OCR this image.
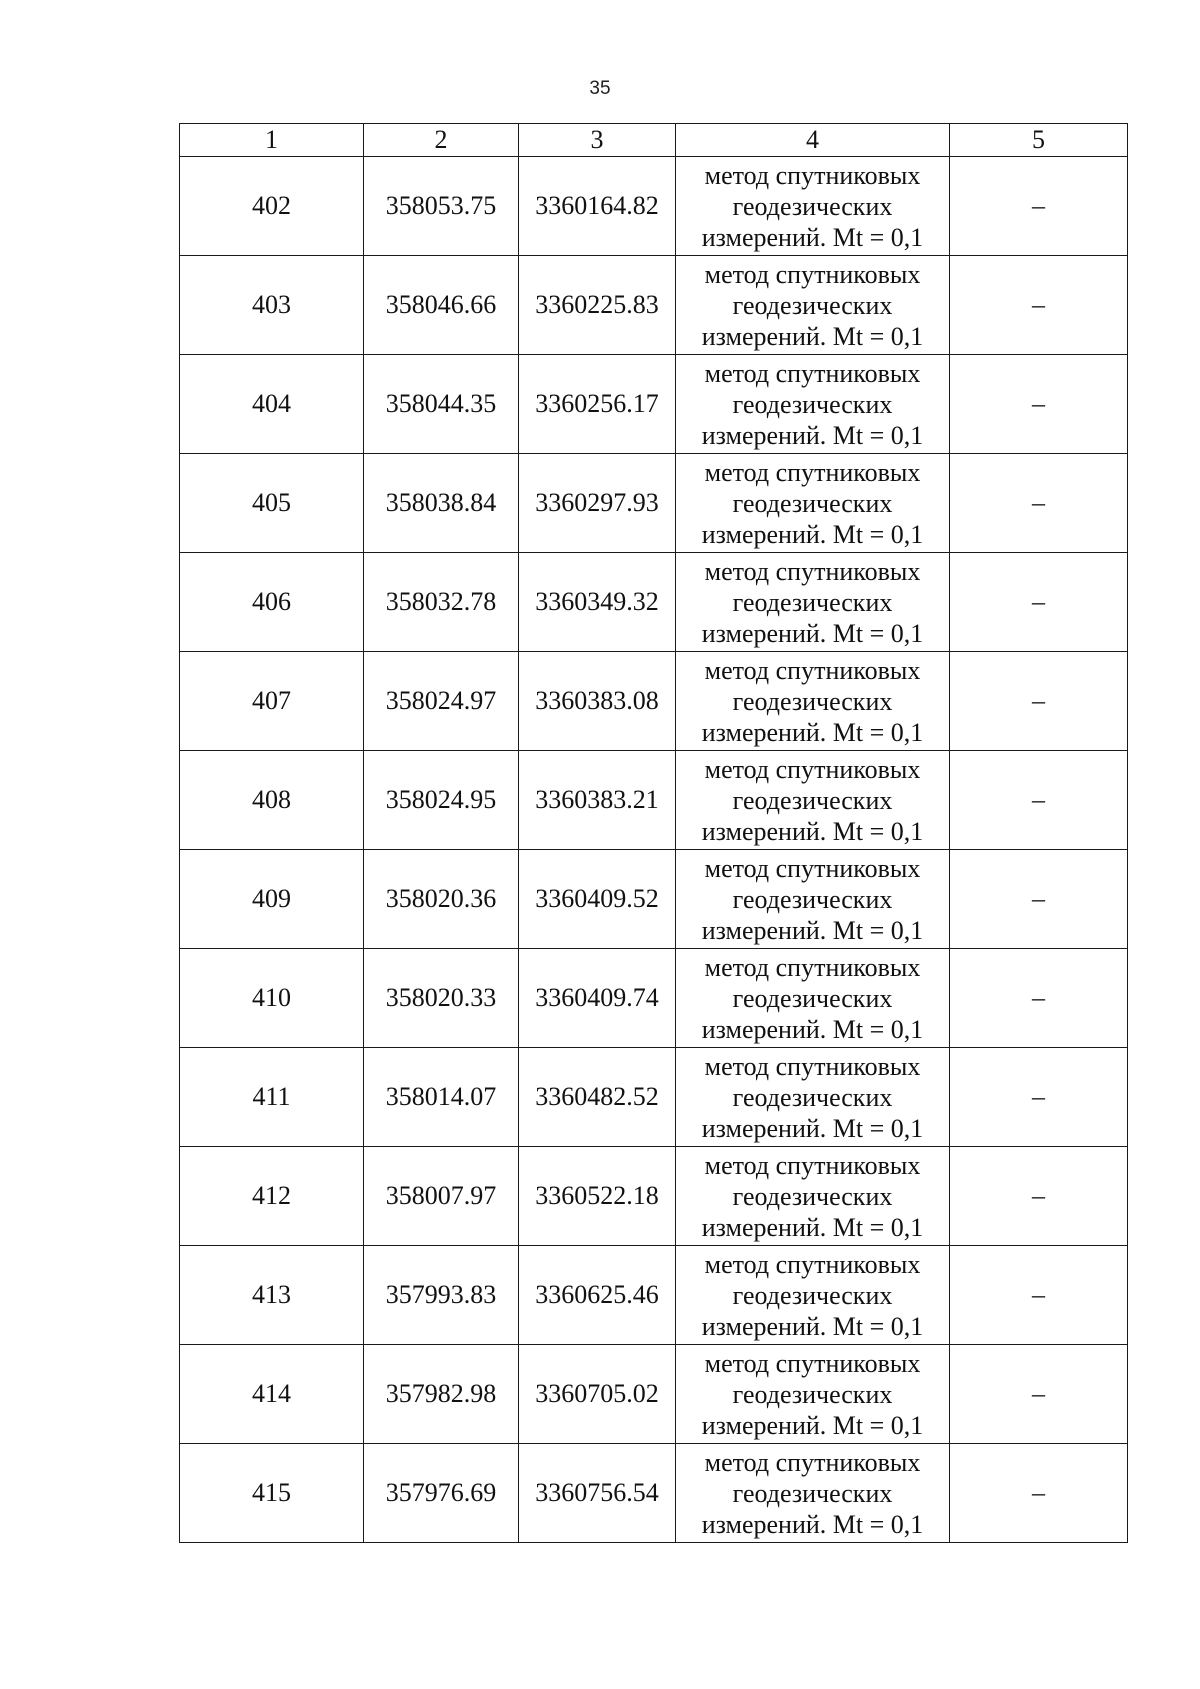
35
1	2	3	4	5
402	358053.75	3360164.82	метод спутниковых
геодезических
измерений. Mt = 0,1	–
403	358046.66	3360225.83	метод спутниковых
геодезических
измерений. Mt = 0,1	–
404	358044.35	3360256.17	метод спутниковых
геодезических
измерений. Mt = 0,1	–
405	358038.84	3360297.93	метод спутниковых
геодезических
измерений. Mt = 0,1	–
406	358032.78	3360349.32	метод спутниковых
геодезических
измерений. Mt = 0,1	–
407	358024.97	3360383.08	метод спутниковых
геодезических
измерений. Mt = 0,1	–
408	358024.95	3360383.21	метод спутниковых
геодезических
измерений. Mt = 0,1	–
409	358020.36	3360409.52	метод спутниковых
геодезических
измерений. Mt = 0,1	–
410	358020.33	3360409.74	метод спутниковых
геодезических
измерений. Mt = 0,1	–
411	358014.07	3360482.52	метод спутниковых
геодезических
измерений. Mt = 0,1	–
412	358007.97	3360522.18	метод спутниковых
геодезических
измерений. Mt = 0,1	–
413	357993.83	3360625.46	метод спутниковых
геодезических
измерений. Mt = 0,1	–
414	357982.98	3360705.02	метод спутниковых
геодезических
измерений. Mt = 0,1	–
415	357976.69	3360756.54	метод спутниковых
геодезических
измерений. Mt = 0,1	–
